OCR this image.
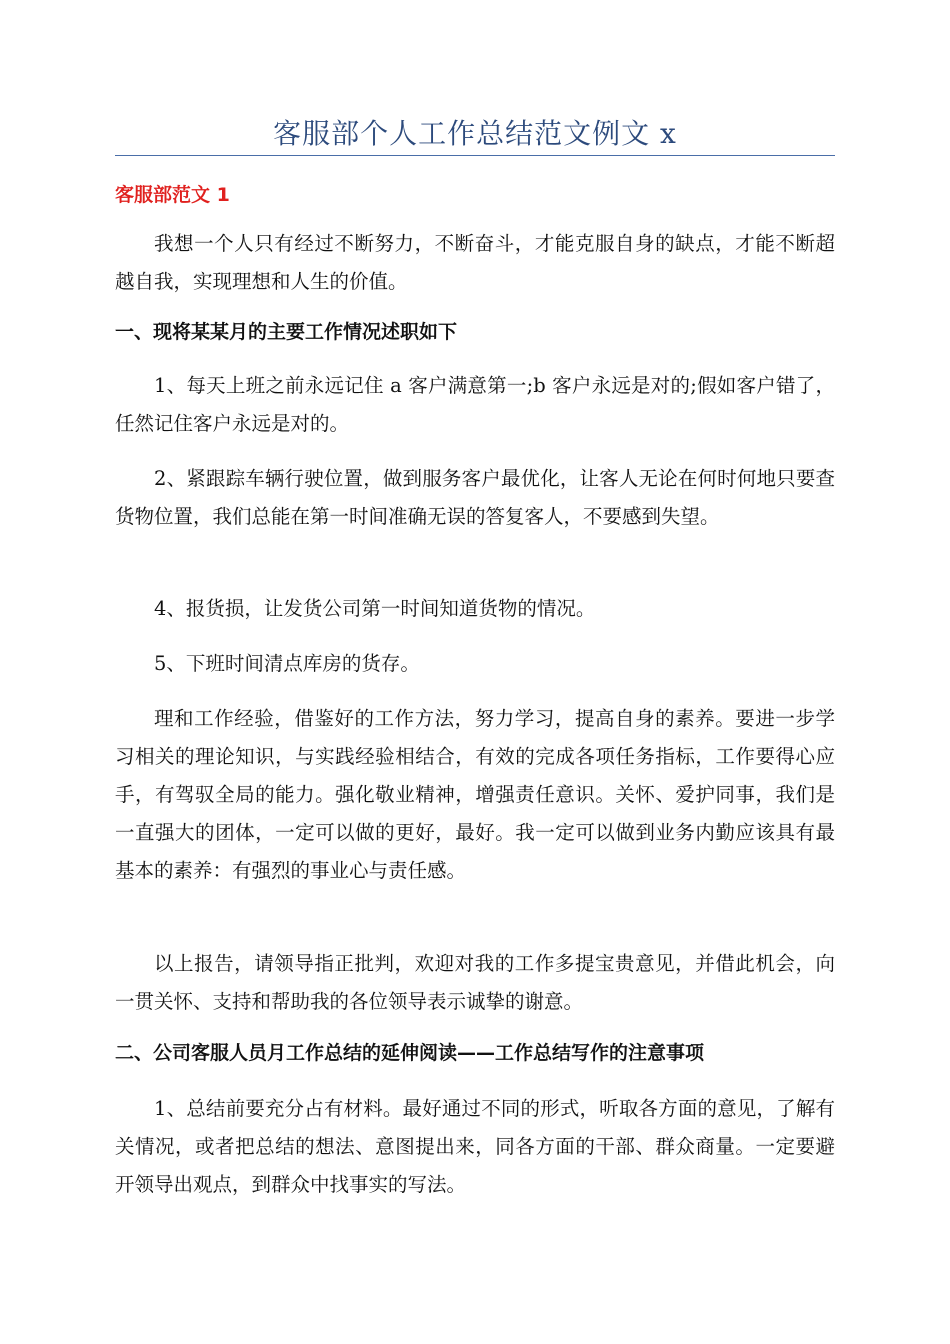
客服部个人工作总结范文例文 x
客服部范文 1

我想一个人只有经过不断努力，不断奋斗，才能克服自身的缺点，才能不断超越自我，实现理想和人生的价值。

一、现将某某月的主要工作情况述职如下

1、每天上班之前永远记住 a 客户满意第一;b 客户永远是对的;假如客户错了，任然记住客户永远是对的。

2、紧跟踪车辆行驶位置，做到服务客户最优化，让客人无论在何时何地只要查货物位置，我们总能在第一时间准确无误的答复客人，不要感到失望。

4、报货损，让发货公司第一时间知道货物的情况。

5、下班时间清点库房的货存。

理和工作经验，借鉴好的工作方法，努力学习，提高自身的素养。要进一步学习相关的理论知识，与实践经验相结合，有效的完成各项任务指标，工作要得心应手，有驾驭全局的能力。强化敬业精神，增强责任意识。关怀、爱护同事，我们是一直强大的团体，一定可以做的更好，最好。我一定可以做到业务内勤应该具有最基本的素养：有强烈的事业心与责任感。

以上报告，请领导指正批判，欢迎对我的工作多提宝贵意见，并借此机会，向一贯关怀、支持和帮助我的各位领导表示诚挚的谢意。

二、公司客服人员月工作总结的延伸阅读——工作总结写作的注意事项

1、总结前要充分占有材料。最好通过不同的形式，听取各方面的意见，了解有关情况，或者把总结的想法、意图提出来，同各方面的干部、群众商量。一定要避开领导出观点，到群众中找事实的写法。
